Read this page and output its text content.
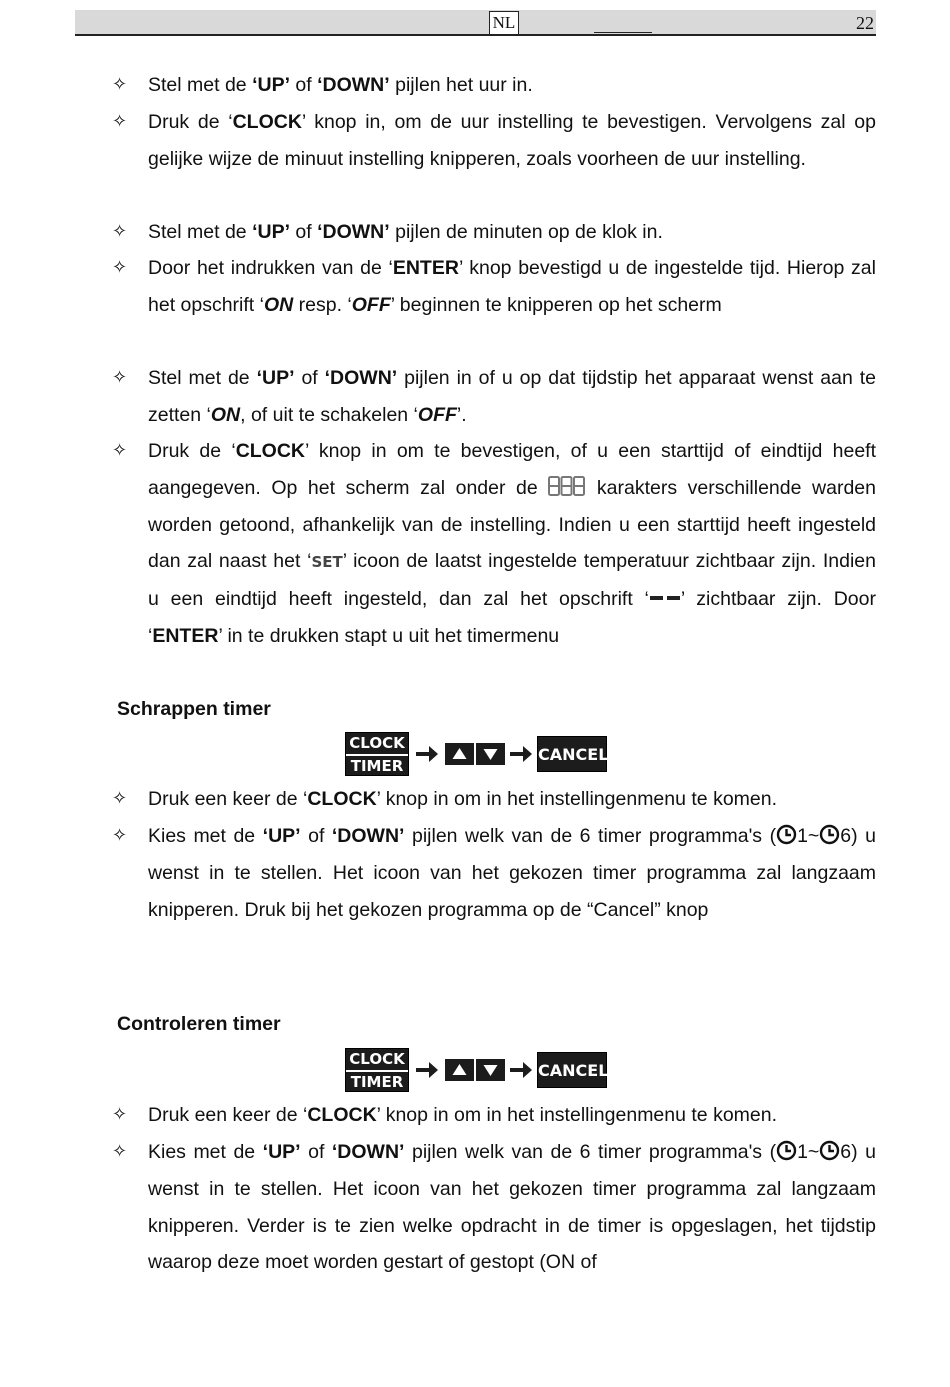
NL	22
✧ Stel met de ‘UP’ of ‘DOWN’ pijlen het uur in.
✧ Druk de ‘CLOCK’ knop in, om de uur instelling te bevestigen. Vervolgens zal op gelijke wijze de minuut instelling knipperen, zoals voorheen de uur instelling.
✧ Stel met de ‘UP’ of ‘DOWN’ pijlen de minuten op de klok in.
✧ Door het indrukken van de ‘ENTER’ knop bevestigd u de ingestelde tijd. Hierop zal het opschrift ‘ON resp. ‘OFF’ beginnen te knipperen op het scherm
✧ Stel met de ‘UP’ of ‘DOWN’ pijlen in of u op dat tijdstip het apparaat wenst aan te zetten ‘ON, of uit te schakelen ‘OFF’.
✧ Druk de ‘CLOCK’ knop in om te bevestigen, of u een starttijd of eindtijd heeft aangegeven. Op het scherm zal onder de  karakters verschillende warden worden getoond, afhankelijk van de instelling. Indien u een starttijd heeft ingesteld dan zal naast het ‘SET’ icoon de laatst ingestelde temperatuur zichtbaar zijn. Indien u een eindtijd heeft ingesteld, dan zal het opschrift ‘ ’ zichtbaar zijn. Door ‘ENTER’ in te drukken stapt u uit het timermenu
Schrappen timer
CLOCK
TIMER
CANCEL
✧ Druk een keer de ‘CLOCK’ knop in om in het instellingenmenu te komen.
✧ Kies met de ‘UP’ of ‘DOWN’ pijlen welk van de 6 timer programma's ( 1~ 6) u wenst in te stellen. Het icoon van het gekozen timer programma zal langzaam knipperen. Druk bij het gekozen programma op de “Cancel” knop
Controleren timer
CLOCK
TIMER
CANCEL
✧ Druk een keer de ‘CLOCK’ knop in om in het instellingenmenu te komen.
✧ Kies met de ‘UP’ of ‘DOWN’ pijlen welk van de 6 timer programma's ( 1~ 6) u wenst in te stellen. Het icoon van het gekozen timer programma zal langzaam knipperen. Verder is te zien welke opdracht in de timer is opgeslagen, het tijdstip waarop deze moet worden gestart of gestopt (ON of
